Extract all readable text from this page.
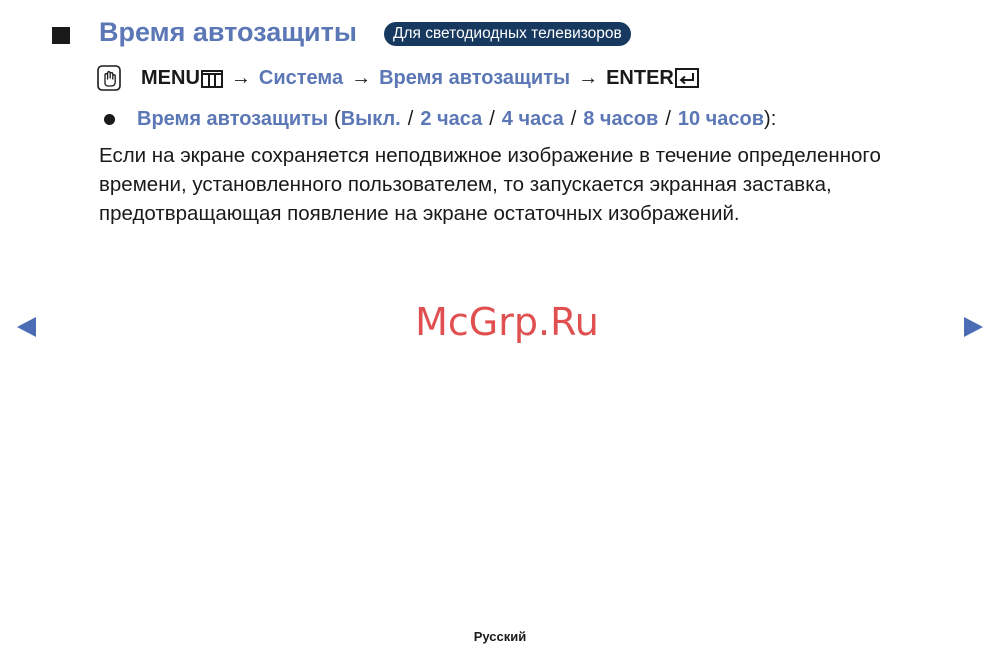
Время автозащиты	Для светодиодных телевизоров
MENU → Система → Время автозащиты → ENTER
Время автозащиты ( Выкл. / 2 часа / 4 часа / 8 часов / 10 часов ):
Если на экране сохраняется неподвижное изображение в течение определенного времени, установленного пользователем, то запускается экранная заставка, предотвращающая появление на экране остаточных изображений.
McGrp.Ru
Русский
